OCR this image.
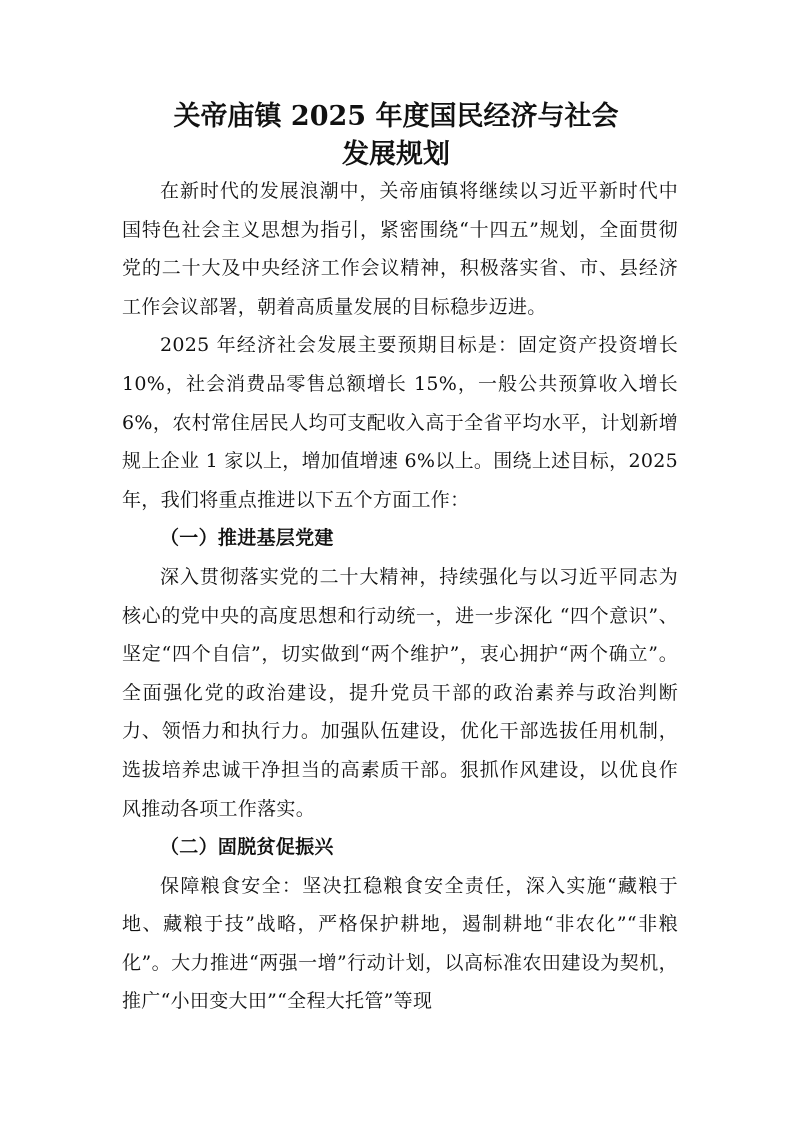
关帝庙镇 2025 年度国民经济与社会
发展规划

在新时代的发展浪潮中，关帝庙镇将继续以习近平新时代中国特色社会主义思想为指引，紧密围绕“十四五”规划，全面贯彻党的二十大及中央经济工作会议精神，积极落实省、市、县经济工作会议部署，朝着高质量发展的目标稳步迈进。

2025 年经济社会发展主要预期目标是：固定资产投资增长 10%，社会消费品零售总额增长 15%，一般公共预算收入增长 6%，农村常住居民人均可支配收入高于全省平均水平，计划新增规上企业 1 家以上，增加值增速 6%以上。围绕上述目标，2025 年，我们将重点推进以下五个方面工作：

（一）推进基层党建

深入贯彻落实党的二十大精神，持续强化与以习近平同志为核心的党中央的高度思想和行动统一，进一步深化 “四个意识”、坚定“四个自信”，切实做到“两个维护”，衷心拥护“两个确立”。全面强化党的政治建设，提升党员干部的政治素养与政治判断力、领悟力和执行力。加强队伍建设，优化干部选拔任用机制，选拔培养忠诚干净担当的高素质干部。狠抓作风建设，以优良作风推动各项工作落实。

（二）固脱贫促振兴

保障粮食安全：坚决扛稳粮食安全责任，深入实施“藏粮于地、藏粮于技”战略，严格保护耕地，遏制耕地“非农化”“非粮化”。大力推进“两强一增”行动计划，以高标准农田建设为契机，推广“小田变大田”“全程大托管”等现
